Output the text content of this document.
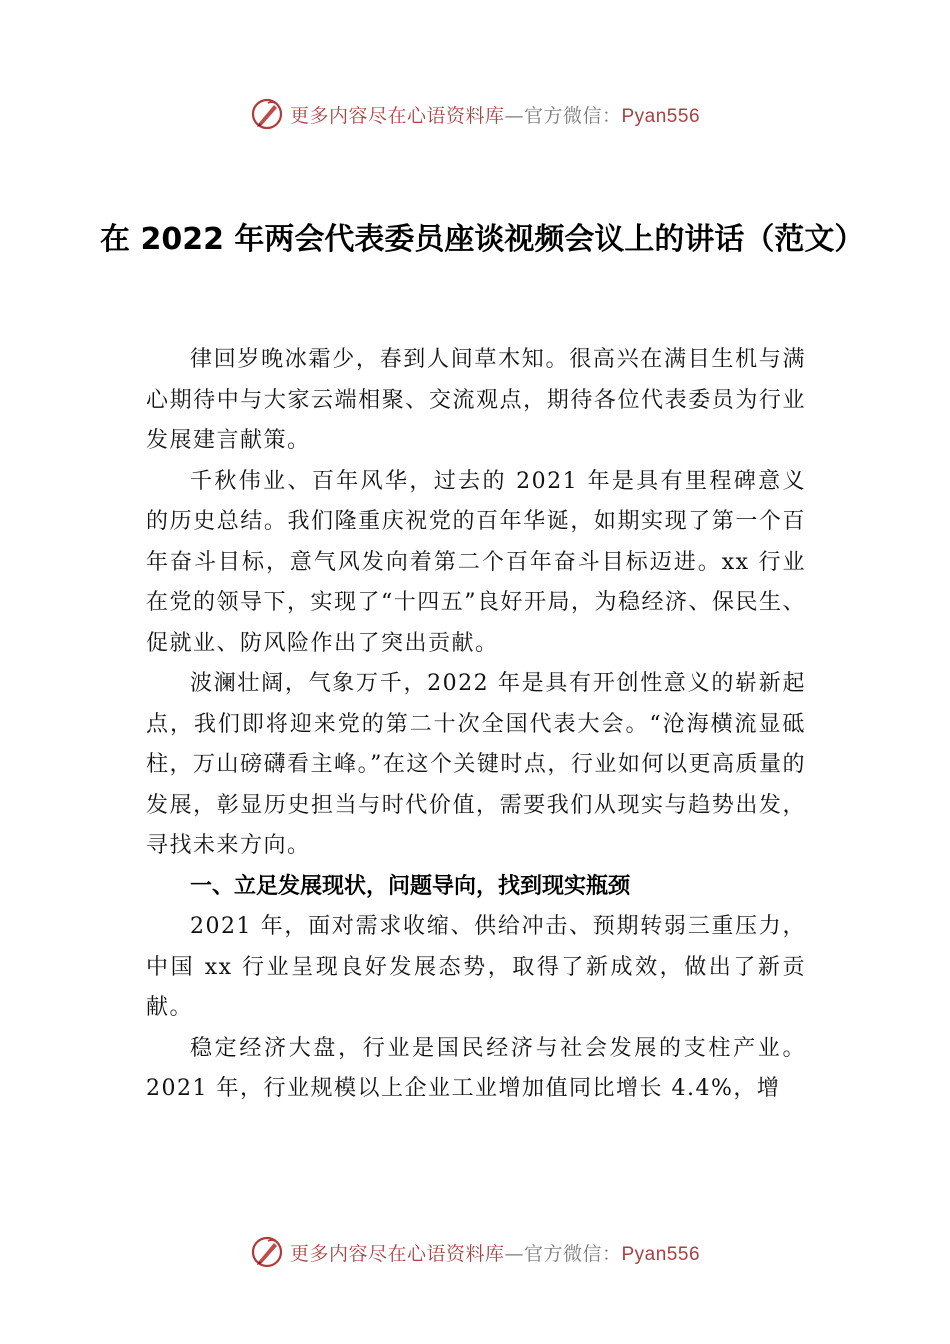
更多内容尽在心语资料库—官方微信：Pyan556
在 2022 年两会代表委员座谈视频会议上的讲话（范文）

律回岁晚冰霜少，春到人间草木知。很高兴在满目生机与满心期待中与大家云端相聚、交流观点，期待各位代表委员为行业发展建言献策。

千秋伟业、百年风华，过去的 2021 年是具有里程碑意义的历史总结。我们隆重庆祝党的百年华诞，如期实现了第一个百年奋斗目标，意气风发向着第二个百年奋斗目标迈进。xx 行业在党的领导下，实现了“十四五”良好开局，为稳经济、保民生、促就业、防风险作出了突出贡献。

波澜壮阔，气象万千，2022 年是具有开创性意义的崭新起点，我们即将迎来党的第二十次全国代表大会。“沧海横流显砥柱，万山磅礴看主峰。”在这个关键时点，行业如何以更高质量的发展，彰显历史担当与时代价值，需要我们从现实与趋势出发，寻找未来方向。

一、立足发展现状，问题导向，找到现实瓶颈

2021 年，面对需求收缩、供给冲击、预期转弱三重压力，中国 xx 行业呈现良好发展态势，取得了新成效，做出了新贡献。

稳定经济大盘，行业是国民经济与社会发展的支柱产业。2021 年，行业规模以上企业工业增加值同比增长 4.4%，增

更多内容尽在心语资料库—官方微信：Pyan556
